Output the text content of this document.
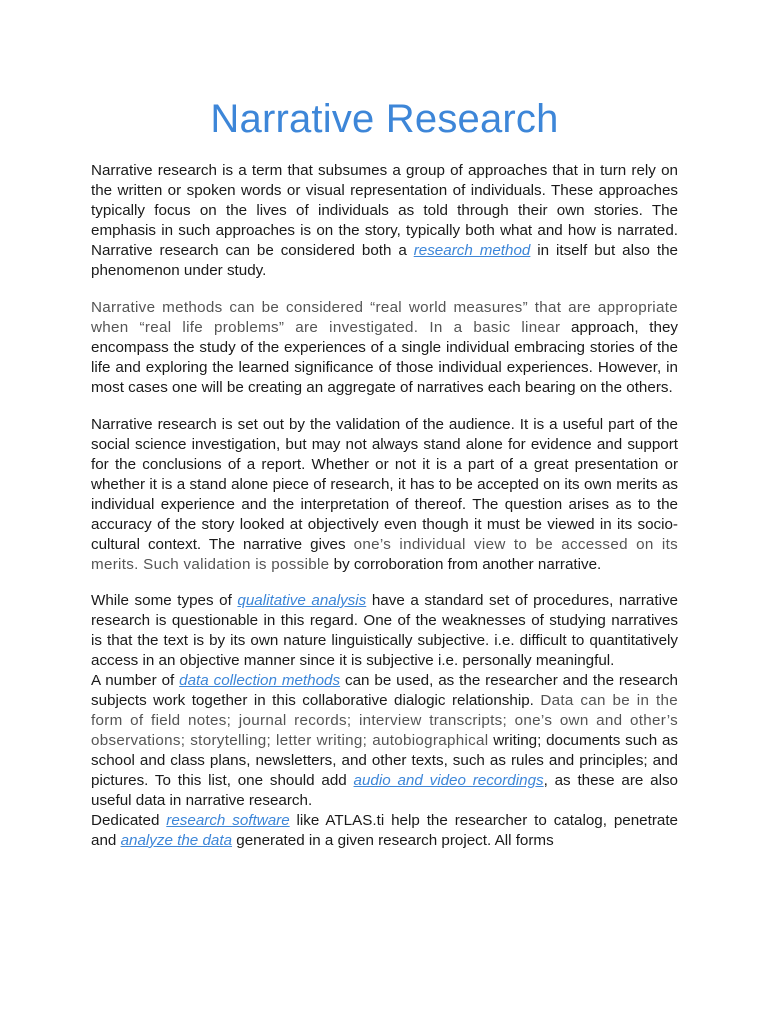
Narrative Research

Narrative research is a term that subsumes a group of approaches that in turn rely on the written or spoken words or visual representation of individuals. These approaches typically focus on the lives of individuals as told through their own stories. The emphasis in such approaches is on the story, typically both what and how is narrated. Narrative research can be considered both a research method in itself but also the phenomenon under study.

Narrative methods can be considered “real world measures” that are appropriate when “real life problems” are investigated. In a basic linear approach, they encompass the study of the experiences of a single individual embracing stories of the life and exploring the learned significance of those individual experiences. However, in most cases one will be creating an aggregate of narratives each bearing on the others.

Narrative research is set out by the validation of the audience. It is a useful part of the social science investigation, but may not always stand alone for evidence and support for the conclusions of a report. Whether or not it is a part of a great presentation or whether it is a stand alone piece of research, it has to be accepted on its own merits as individual experience and the interpretation of thereof. The question arises as to the accuracy of the story looked at objectively even though it must be viewed in its socio-cultural context. The narrative gives one’s individual view to be accessed on its merits. Such validation is possible by corroboration from another narrative.

While some types of qualitative analysis have a standard set of procedures, narrative research is questionable in this regard. One of the weaknesses of studying narratives is that the text is by its own nature linguistically subjective. i.e. difficult to quantitatively access in an objective manner since it is subjective i.e. personally meaningful.

A number of data collection methods can be used, as the researcher and the research subjects work together in this collaborative dialogic relationship. Data can be in the form of field notes; journal records; interview transcripts; one’s own and other’s observations; storytelling; letter writing; autobiographical writing; documents such as school and class plans, newsletters, and other texts, such as rules and principles; and pictures. To this list, one should add audio and video recordings, as these are also useful data in narrative research.

Dedicated research software like ATLAS.ti help the researcher to catalog, penetrate and analyze the data generated in a given research project. All forms
